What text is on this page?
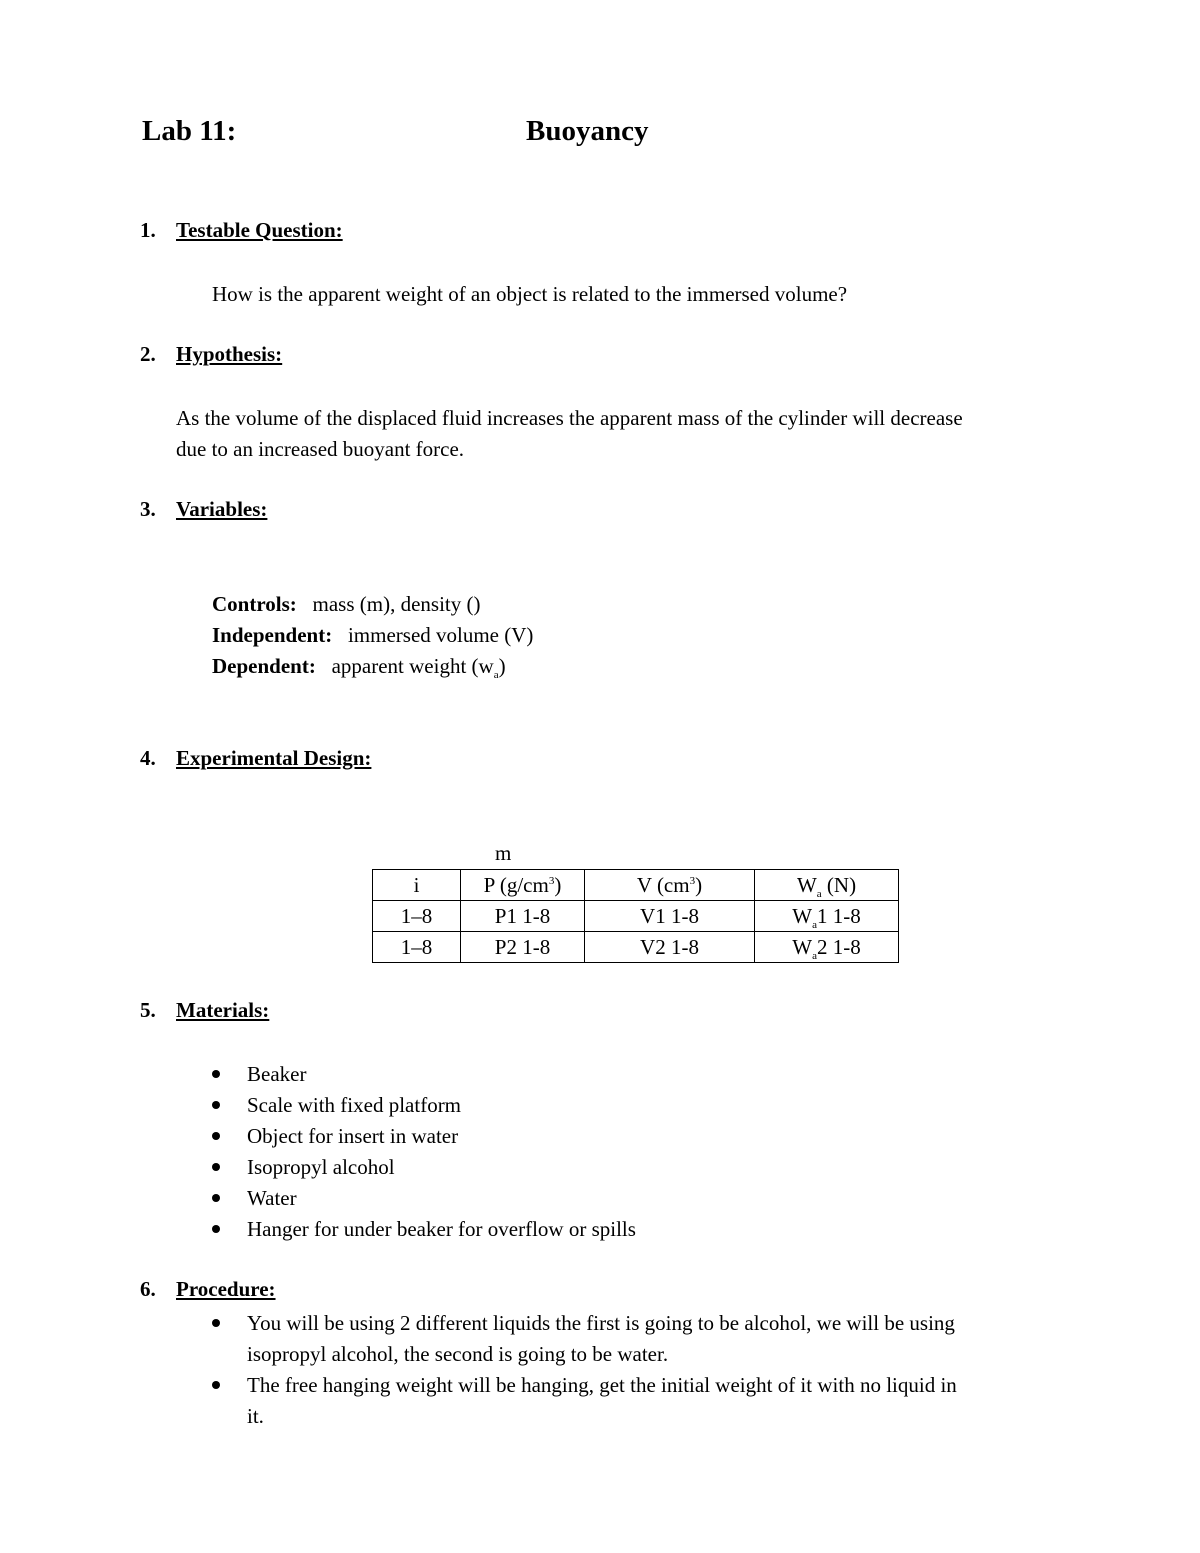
Lab 11:	Buoyancy
1. Testable Question:
How is the apparent weight of an object is related to the immersed volume?
2. Hypothesis:
As the volume of the displaced fluid increases the apparent mass of the cylinder will decrease
due to an increased buoyant force.
3. Variables:
Controls: mass (m), density ()
Independent: immersed volume (V)
Dependent: apparent weight $(w_a)$
4. Experimental Design:
m
i	P $(g/cm^3)$	V $(cm^3)$	$W_a$ (N)
1–8	P1 1-8	V1 1-8	$W_a1$ 1-8
1–8	P2 1-8	V2 1-8	$W_a2$ 1-8
5. Materials:
Beaker
Scale with fixed platform
Object for insert in water
Isopropyl alcohol
Water
Hanger for under beaker for overflow or spills
6. Procedure:
You will be using 2 different liquids the first is going to be alcohol, we will be using
isopropyl alcohol, the second is going to be water.
The free hanging weight will be hanging, get the initial weight of it with no liquid in
it.
